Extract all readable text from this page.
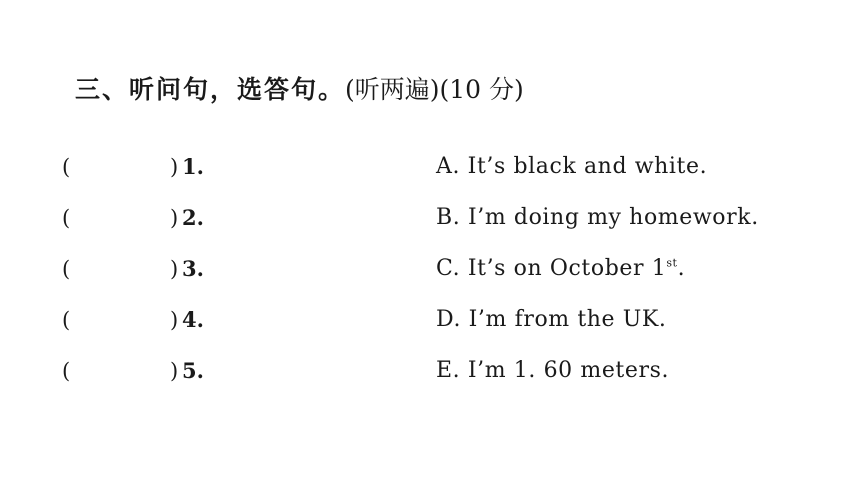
三、听问句，选答句。(听两遍)(10 分)
(	) 1.
(	) 2.
(	) 3.
(	) 4.
(	) 5.
A. It’s black and white.
B. I’m doing my homework.
C. It’s on October 1st.
D. I’m from the UK.
E. I’m 1. 60 meters.
